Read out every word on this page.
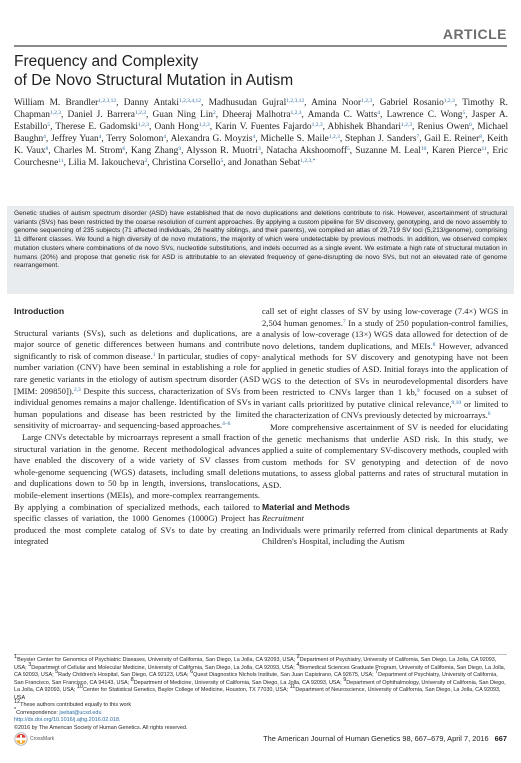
ARTICLE
Frequency and Complexity
of De Novo Structural Mutation in Autism
William M. Brandler$^{1,2,3,12}$, Danny Antaki$^{1,2,3,4,12}$, Madhusudan Gujral$^{1,2,3,12}$, Amina Noor$^{1,2,3}$, Gabriel Rosanio$^{1,2,3}$, Timothy R. Chapman$^{1,2,3}$, Daniel J. Barrera$^{1,2,3}$, Guan Ning Lin$^2$, Dheeraj Malhotra$^{1,2,3}$, Amanda C. Watts$^4$, Lawrence C. Wong$^5$, Jasper A. Estabillo$^5$, Therese E. Gadomski$^{1,2,3}$, Oanh Hong$^{1,2,3}$, Karin V. Fuentes Fajardo$^{1,2,3}$, Abhishek Bhandari$^{1,2,3}$, Renius Owen$^6$, Michael Baughn$^4$, Jeffrey Yuan$^4$, Terry Solomon$^4$, Alexandra G. Moyzis$^4$, Michelle S. Maile$^{1,2,3}$, Stephan J. Sanders$^7$, Gail E. Reiner$^8$, Keith K. Vaux$^8$, Charles M. Strom$^6$, Kang Zhang$^9$, Alysson R. Muotri$^3$, Natacha Akshoomoff$^5$, Suzanne M. Leal$^{10}$, Karen Pierce$^{11}$, Eric Courchesne$^{11}$, Lilia M. Iakoucheva$^2$, Christina Corsello$^5$, and Jonathan Sebat$^{1,2,3,*}$
Genetic studies of autism spectrum disorder (ASD) have established that de novo duplications and deletions contribute to risk. However, ascertainment of structural variants (SVs) has been restricted by the coarse resolution of current approaches. By applying a custom pipeline for SV discovery, genotyping, and de novo assembly to genome sequencing of 235 subjects (71 affected individuals, 26 healthy siblings, and their parents), we compiled an atlas of 29,719 SV loci (5,213/genome), comprising 11 different classes. We found a high diversity of de novo mutations, the majority of which were undetectable by previous methods. In addition, we observed complex mutation clusters where combinations of de novo SVs, nucleotide substitutions, and indels occurred as a single event. We estimate a high rate of structural mutation in humans (20%) and propose that genetic risk for ASD is attributable to an elevated frequency of gene-disrupting de novo SVs, but not an elevated rate of genome rearrangement.
Introduction

Structural variants (SVs), such as deletions and duplications, are a major source of genetic differences between humans and contribute significantly to risk of common disease.$^1$ In particular, studies of copy-number variation (CNV) have been seminal in establishing a role for rare genetic variants in the etiology of autism spectrum disorder (ASD [MIM: 209850]).$^{2,3}$ Despite this success, characterization of SVs from individual genomes remains a major challenge. Identification of SVs in human populations and disease has been restricted by the limited sensitivity of microarray- and sequencing-based approaches.$^{4-6}$

Large CNVs detectable by microarrays represent a small fraction of structural variation in the genome. Recent methodological advances have enabled the discovery of a wide variety of SV classes from whole-genome sequencing (WGS) datasets, including small deletions and duplications down to 50 bp in length, inversions, translocations, mobile-element insertions (MEIs), and more-complex rearrangements. By applying a combination of specialized methods, each tailored to specific classes of variation, the 1000 Genomes (1000G) Project has produced the most complete catalog of SVs to date by creating an integrated

call set of eight classes of SV by using low-coverage (7.4×) WGS in 2,504 human genomes.$^7$ In a study of 250 population-control families, analysis of low-coverage (13×) WGS data allowed for detection of de novo deletions, tandem duplications, and MEIs.$^8$ However, advanced analytical methods for SV discovery and genotyping have not been applied in genetic studies of ASD. Initial forays into the application of WGS to the detection of SVs in neurodevelopmental disorders have been restricted to CNVs larger than 1 kb,$^9$ focused on a subset of variant calls prioritized by putative clinical relevance,$^{9,10}$ or limited to the characterization of CNVs previously detected by microarrays.$^6$

More comprehensive ascertainment of SV is needed for elucidating the genetic mechanisms that underlie ASD risk. In this study, we applied a suite of complementary SV-discovery methods, coupled with custom methods for SV genotyping and detection of de novo mutations, to assess global patterns and rates of structural mutation in ASD.

Material and Methods
Recruitment

Individuals were primarily referred from clinical departments at Rady Children's Hospital, including the Autism

$^1$Beyster Center for Genomics of Psychiatric Diseases, University of California, San Diego, La Jolla, CA 92093, USA; $^2$Department of Psychiatry, University of California, San Diego, La Jolla, CA 92093, USA; $^3$Department of Cellular and Molecular Medicine, University of California, San Diego, La Jolla, CA 92093, USA; $^4$Biomedical Sciences Graduate Program, University of California, San Diego, La Jolla, CA 92093, USA; $^5$Rady Children's Hospital, San Diego, CA 92123, USA; $^6$Quest Diagnostics Nichols Institute, San Juan Capistrano, CA 92675, USA; $^7$Department of Psychiatry, University of California, San Francisco, San Francisco, CA 94143, USA; $^8$Department of Medicine, University of California, San Diego, La Jolla, CA 92093, USA; $^9$Department of Ophthalmology, University of California, San Diego, La Jolla, CA 92093, USA; $^{10}$Center for Statistical Genetics, Baylor College of Medicine, Houston, TX 77030, USA; $^{11}$Department of Neuroscience, University of California, San Diego, La Jolla, CA 92093, USA
$^{12}$These authors contributed equally to this work
*Correspondence: jsebat@ucsd.edu
http://dx.doi.org/10.1016/j.ajhg.2016.02.018.
©2016 by The American Society of Human Genetics. All rights reserved.
CrossMark	The American Journal of Human Genetics 98, 667–679, April 7, 2016 667
